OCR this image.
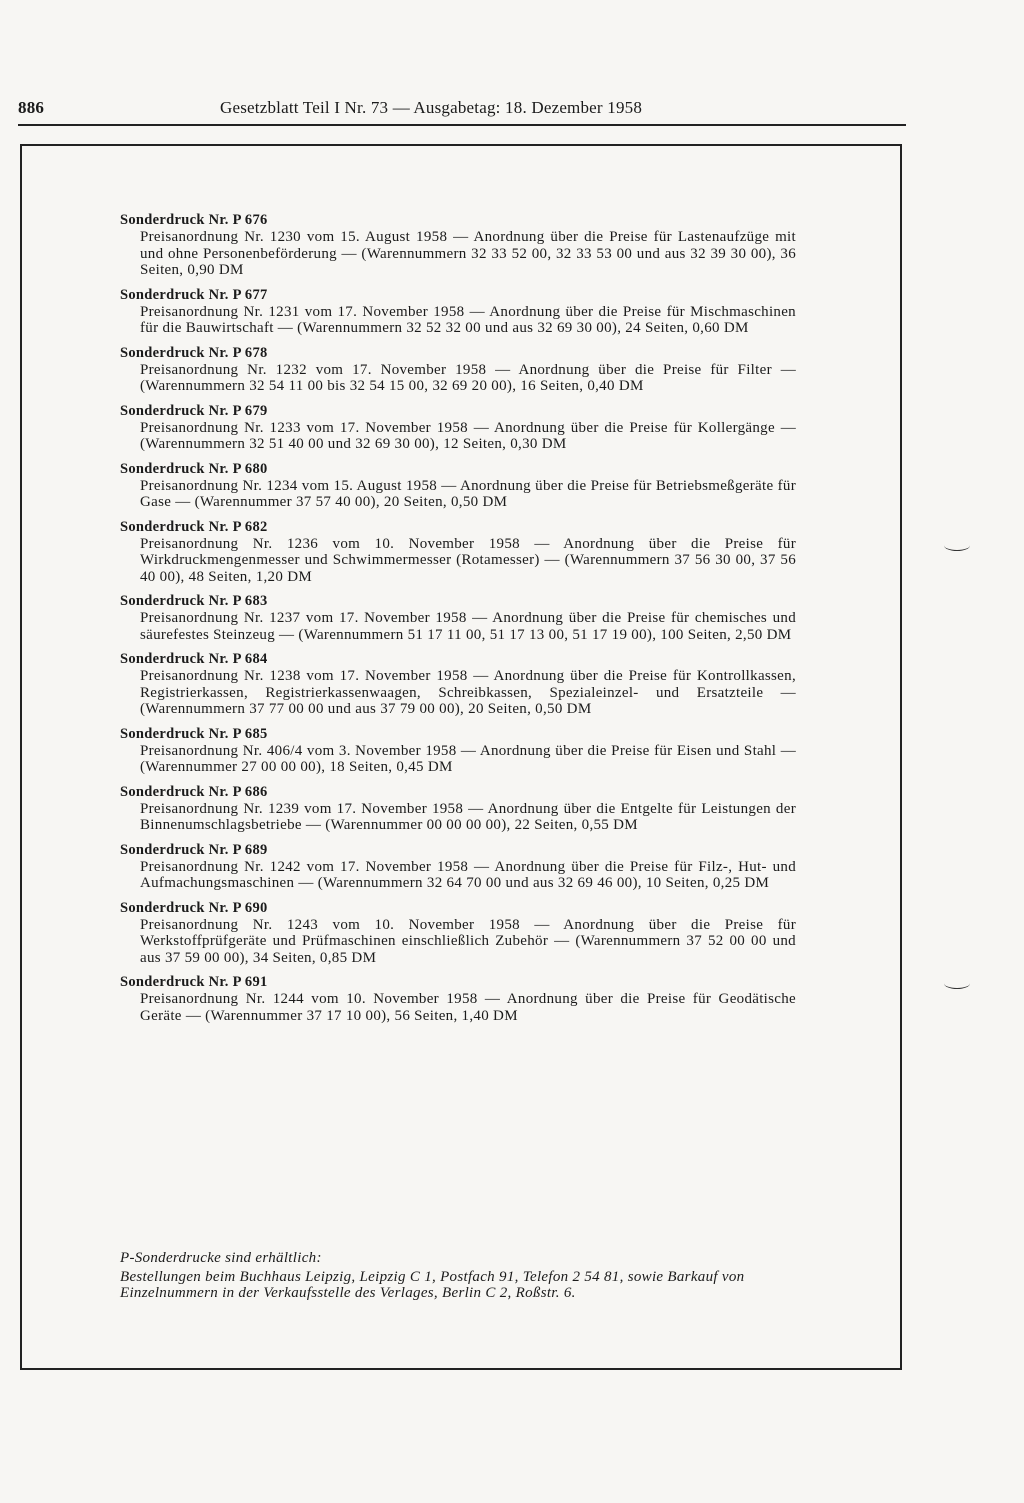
886	Gesetzblatt Teil I Nr. 73 — Ausgabetag: 18. Dezember 1958
Sonderdruck Nr. P 676
Preisanordnung Nr. 1230 vom 15. August 1958 — Anordnung über die Preise für Lastenaufzüge mit und ohne Personenbeförderung — (Warennummern 32 33 52 00, 32 33 53 00 und aus 32 39 30 00), 36 Seiten, 0,90 DM
Sonderdruck Nr. P 677
Preisanordnung Nr. 1231 vom 17. November 1958 — Anordnung über die Preise für Mischmaschinen für die Bauwirtschaft — (Warennummern 32 52 32 00 und aus 32 69 30 00), 24 Seiten, 0,60 DM
Sonderdruck Nr. P 678
Preisanordnung Nr. 1232 vom 17. November 1958 — Anordnung über die Preise für Filter — (Warennummern 32 54 11 00 bis 32 54 15 00, 32 69 20 00), 16 Seiten, 0,40 DM
Sonderdruck Nr. P 679
Preisanordnung Nr. 1233 vom 17. November 1958 — Anordnung über die Preise für Kollergänge — (Warennummern 32 51 40 00 und 32 69 30 00), 12 Seiten, 0,30 DM
Sonderdruck Nr. P 680
Preisanordnung Nr. 1234 vom 15. August 1958 — Anordnung über die Preise für Betriebsmeßgeräte für Gase — (Warennummer 37 57 40 00), 20 Seiten, 0,50 DM
Sonderdruck Nr. P 682
Preisanordnung Nr. 1236 vom 10. November 1958 — Anordnung über die Preise für Wirkdruckmengenmesser und Schwimmermesser (Rotamesser) — (Warennummern 37 56 30 00, 37 56 40 00), 48 Seiten, 1,20 DM
Sonderdruck Nr. P 683
Preisanordnung Nr. 1237 vom 17. November 1958 — Anordnung über die Preise für chemisches und säurefestes Steinzeug — (Warennummern 51 17 11 00, 51 17 13 00, 51 17 19 00), 100 Seiten, 2,50 DM
Sonderdruck Nr. P 684
Preisanordnung Nr. 1238 vom 17. November 1958 — Anordnung über die Preise für Kontrollkassen, Registrierkassen, Registrierkassenwaagen, Schreibkassen, Spezialeinzel- und Ersatzteile — (Warennummern 37 77 00 00 und aus 37 79 00 00), 20 Seiten, 0,50 DM
Sonderdruck Nr. P 685
Preisanordnung Nr. 406/4 vom 3. November 1958 — Anordnung über die Preise für Eisen und Stahl — (Warennummer 27 00 00 00), 18 Seiten, 0,45 DM
Sonderdruck Nr. P 686
Preisanordnung Nr. 1239 vom 17. November 1958 — Anordnung über die Entgelte für Leistungen der Binnenumschlagsbetriebe — (Warennummer 00 00 00 00), 22 Seiten, 0,55 DM
Sonderdruck Nr. P 689
Preisanordnung Nr. 1242 vom 17. November 1958 — Anordnung über die Preise für Filz-, Hut- und Aufmachungsmaschinen — (Warennummern 32 64 70 00 und aus 32 69 46 00), 10 Seiten, 0,25 DM
Sonderdruck Nr. P 690
Preisanordnung Nr. 1243 vom 10. November 1958 — Anordnung über die Preise für Werkstoffprüfgeräte und Prüfmaschinen einschließlich Zubehör — (Warennummern 37 52 00 00 und aus 37 59 00 00), 34 Seiten, 0,85 DM
Sonderdruck Nr. P 691
Preisanordnung Nr. 1244 vom 10. November 1958 — Anordnung über die Preise für Geodätische Geräte — (Warennummer 37 17 10 00), 56 Seiten, 1,40 DM
P-Sonderdrucke sind erhältlich:
Bestellungen beim Buchhaus Leipzig, Leipzig C 1, Postfach 91, Telefon 2 54 81, sowie Barkauf von Einzelnummern in der Verkaufsstelle des Verlages, Berlin C 2, Roßstr. 6.
